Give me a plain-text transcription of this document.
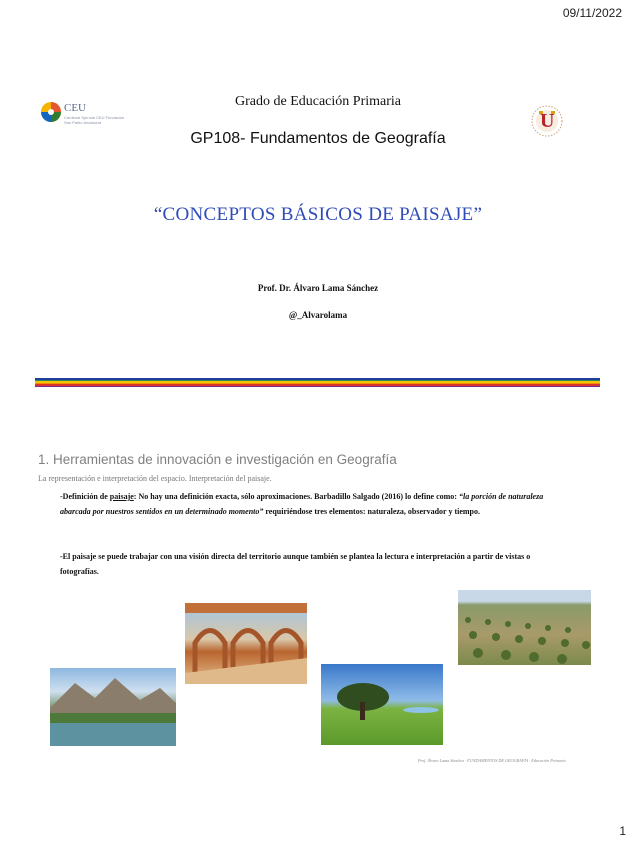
09/11/2022
CEU
Cardenal Spínola CEU Fundación San Pablo Andalucía	U
Grado de Educación Primaria
GP108- Fundamentos de Geografía
“CONCEPTOS BÁSICOS DE PAISAJE”
Prof. Dr. Álvaro Lama Sánchez
@_Alvarolama
1. Herramientas de innovación e investigación en Geografía
La representación e interpretación del espacio. Interpretación del paisaje.
-Definición de paisaje: No hay una definición exacta, sólo aproximaciones. Barbadillo Salgado (2016) lo define como: “la porción de naturaleza abarcada por nuestros sentidos en un determinado momento” requiriéndose tres elementos: naturaleza, observador y tiempo.
-El paisaje se puede trabajar con una visión directa del territorio aunque también se plantea la lectura e interpretación a partir de vistas o fotografías.
Prof. Álvaro Lama Sánchez · FUNDAMENTOS DE GEOGRAFÍA · Educación Primaria
1
